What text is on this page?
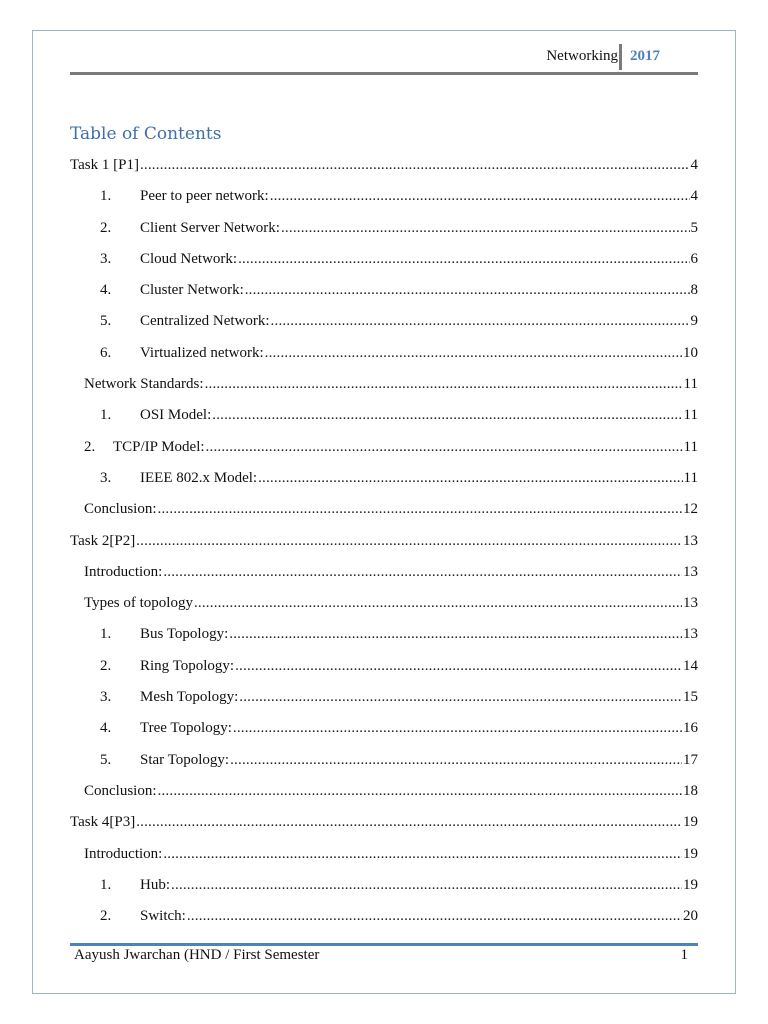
Networking 2017
Table of Contents
Task 1 [P1] .....	4
1.	Peer to peer network: .....	4
2.	Client Server Network: .....	5
3.	Cloud Network: .....	6
4.	Cluster Network: .....	8
5.	Centralized Network: .....	9
6.	Virtualized network: .....	10
Network Standards: .....	11
1.	OSI Model: .....	11
2.	TCP/IP Model: .....	11
3.	IEEE 802.x Model: .....	11
Conclusion: .....	12
Task 2[P2] .....	13
Introduction: .....	13
Types of topology .....	13
1.	Bus Topology: .....	13
2.	Ring Topology: .....	14
3.	Mesh Topology: .....	15
4.	Tree Topology: .....	16
5.	Star Topology: .....	17
Conclusion: .....	18
Task 4[P3] .....	19
Introduction: .....	19
1.	Hub: .....	19
2.	Switch: .....	20
Aayush Jwarchan (HND / First Semester	1
